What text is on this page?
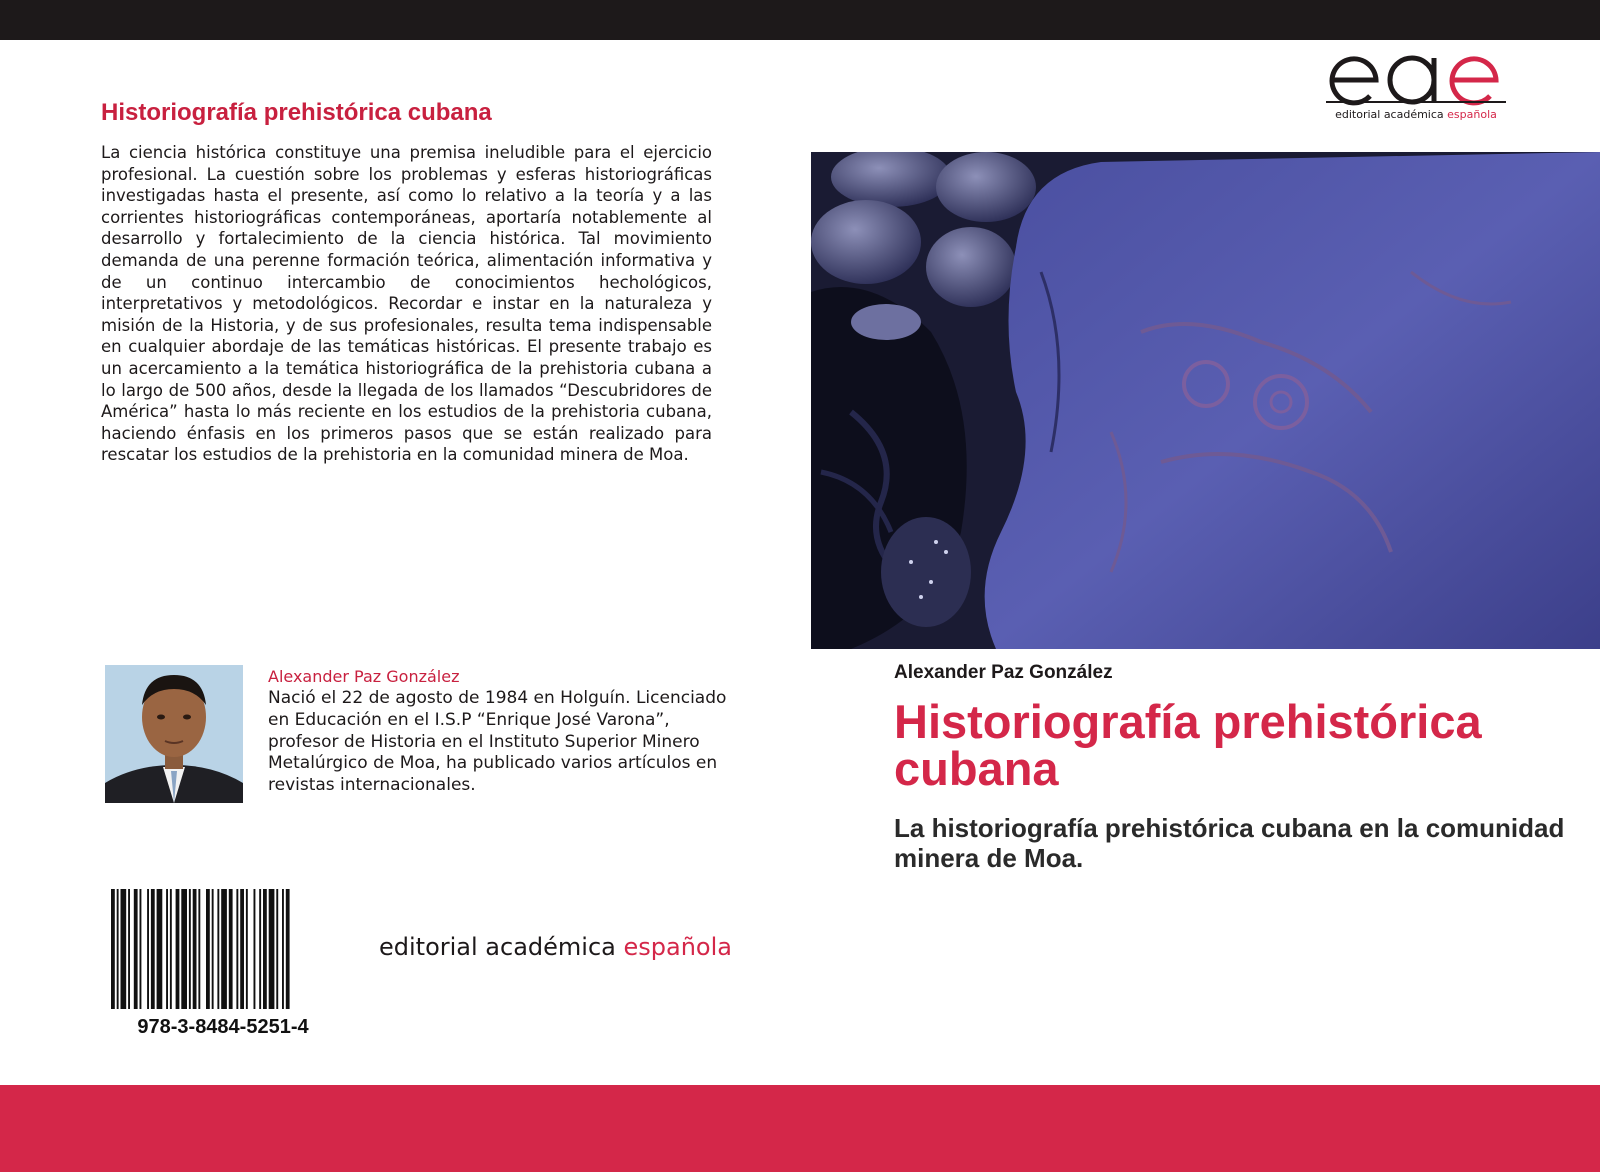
editorial académica española
Historiografía prehistórica cubana

La ciencia histórica constituye una premisa ineludible para el ejercicio profesional. La cuestión sobre los problemas y esferas historiográficas investigadas hasta el presente, así como lo relativo a la teoría y a las corrientes historiográficas contemporáneas, aportaría notablemente al desarrollo y fortalecimiento de la ciencia histórica. Tal movimiento demanda de una perenne formación teórica, alimentación informativa y de un continuo intercambio de conocimientos hecholόgicos, interpretativos y metodológicos. Recordar e instar en la naturaleza y misión de la Historia, y de sus profesionales, resulta tema indispensable en cualquier abordaje de las temáticas históricas. El presente trabajo es un acercamiento a la temática historiográfica de la prehistoria cubana a lo largo de 500 años, desde la llegada de los llamados “Descubridores de América” hasta lo más reciente en los estudios de la prehistoria cubana, haciendo énfasis en los primeros pasos que se están realizado para rescatar los estudios de la prehistoria en la comunidad minera de Moa.

Alexander Paz González

Nació el 22 de agosto de 1984 en Holguín. Licenciado en Educación en el I.S.P “Enrique José Varona”, profesor de Historia en el Instituto Superior Minero Metalúrgico de Moa, ha publicado varios artículos en revistas internacionales.

Alexander Paz González
Historiografía prehistórica cubana
La historiografía prehistórica cubana en la comunidad minera de Moa.
978-3-8484-5251-4
editorial académica española
